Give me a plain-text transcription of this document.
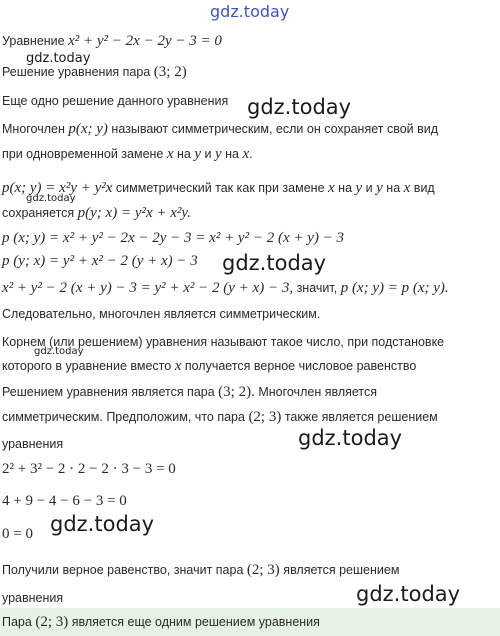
gdz.today
gdz.today
gdz.today
gdz.today
gdz.today
gdz.today
gdz.today
gdz.today
gdz.today
Уравнение x² + y² − 2x − 2y − 3 = 0
Решение уравнения пара (3; 2)
Еще одно решение данного уравнения
Многочлен p(x; y) называют симметрическим, если он сохраняет свой вид
при одновременной замене x на y и y на x.
p(x; y) = x²y + y²x симметрический так как при замене x на y и y на x вид
сохраняется p(y; x) = y²x + x²y.
p (x; y) = x² + y² − 2x − 2y − 3 = x² + y² − 2 (x + y) − 3
p (y; x) = y² + x² − 2 (y + x) − 3
x² + y² − 2 (x + y) − 3 = y² + x² − 2 (y + x) − 3, значит, p (x; y) = p (x; y).
Следовательно, многочлен является симметрическим.
Корнем (или решением) уравнения называют такое число, при подстановке
которого в уравнение вместо x получается верное числовое равенство
Решением уравнения является пара (3; 2). Многочлен является
симметрическим. Предположим, что пара (2; 3) также является решением
уравнения
2² + 3² − 2 · 2 − 2 · 3 − 3 = 0
4 + 9 − 4 − 6 − 3 = 0
0 = 0
Получили верное равенство, значит пара (2; 3) является решением
уравнения
Пара (2; 3) является еще одним решением уравнения
